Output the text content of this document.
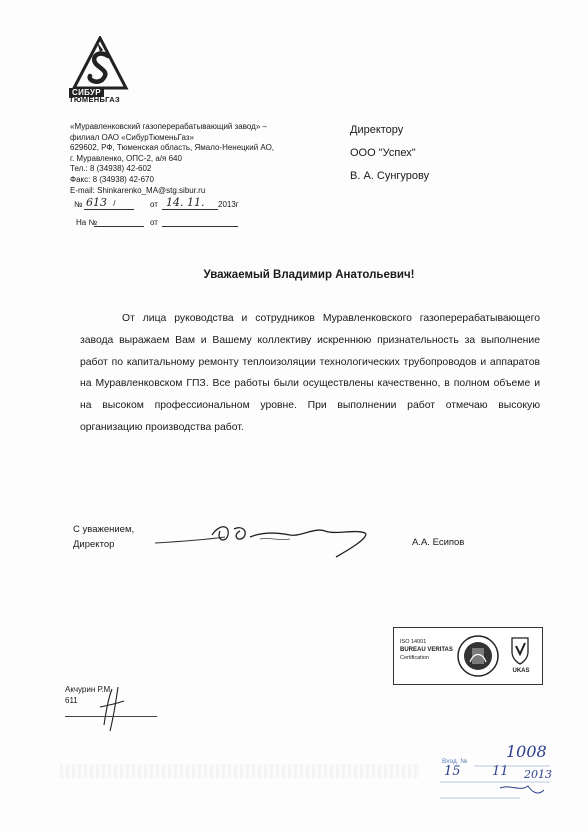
СИБУР

ТЮМЕНЬГАЗ
«Муравленковский газоперерабатывающий завод» –
филиал ОАО «СибурТюменьГаз»
629602, РФ, Тюменская область, Ямало-Ненецкий АО,
г. Муравленко, ОПС-2, а/я 640
Тел.: 8 (34938) 42-602
Факс: 8 (34938) 42-670
E-mail: Shinkarenko_MA@stg.sibur.ru
Директору
ООО "Успех"
В. А. Сунгурову
№ 613 /	от 14. 11.	2013г
На №	от
Уважаемый Владимир Анатольевич!

От лица руководства и сотрудников Муравленковского газоперерабатывающего завода выражаем Вам и Вашему коллективу искреннюю признательность за выполнение работ по капитальному ремонту теплоизоляции технологических трубопроводов и аппаратов на Муравленковском ГПЗ. Все работы были осуществлены качественно, в полном объеме и на высоком профессиональном уровне. При выполнении работ отмечаю высокую организацию производства работ.

С уважением,
Директор	А.А. Есипов
ISO 14001
BUREAU VERITAS
Certification
UKAS
Акчурин Р.М.
611
Вход. №
1008
15 11 2013
